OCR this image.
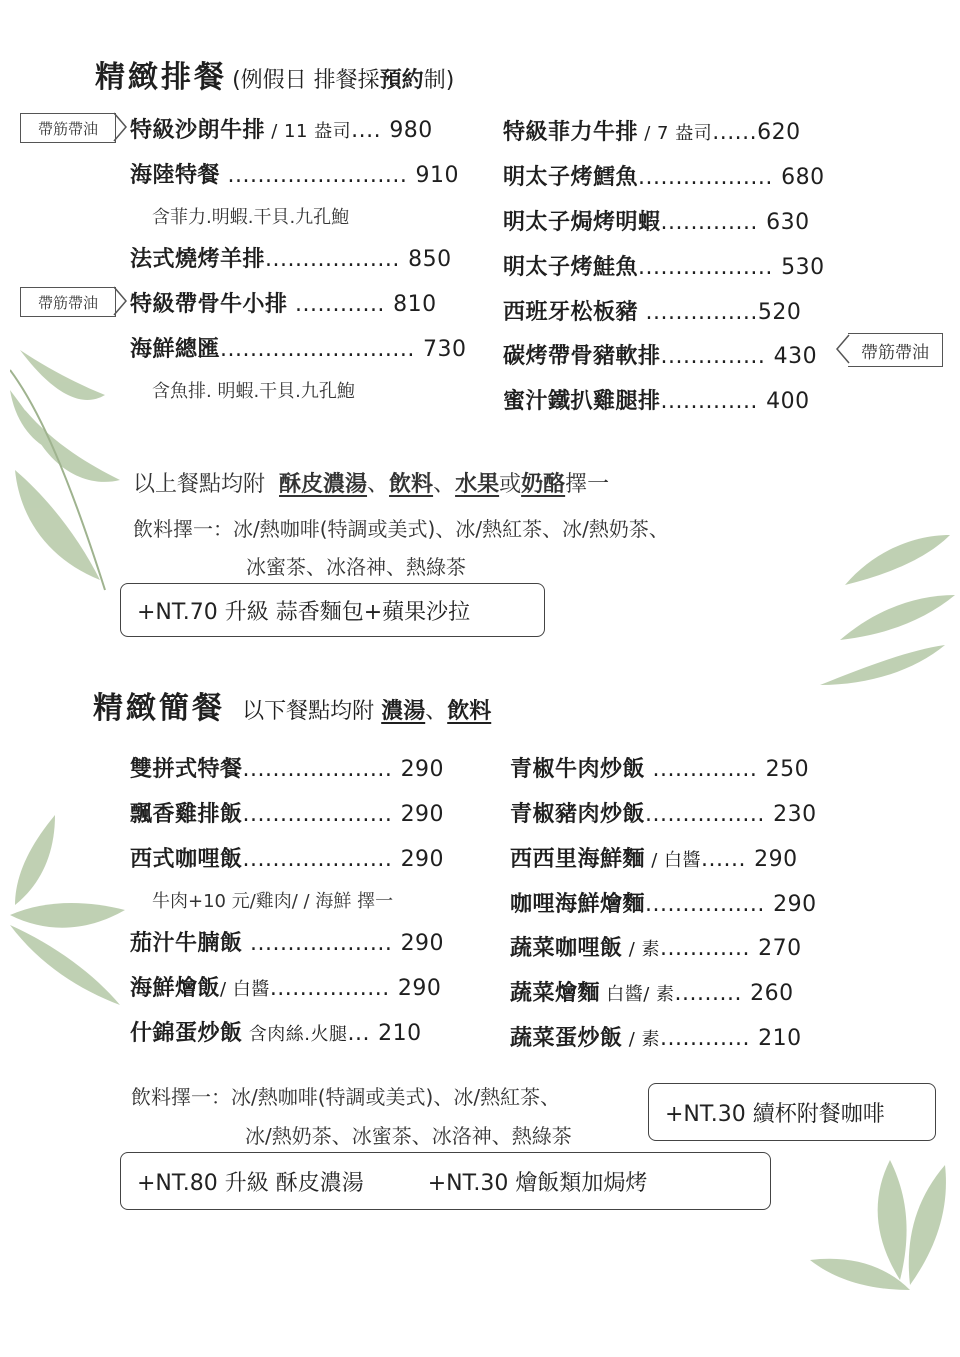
精緻排餐 (例假日 排餐採預約制)
特級沙朗牛排 / 11 盎司.... 980
海陸特餐 ........................ 910
含菲力.明蝦.干貝.九孔鮑
法式燒烤羊排.................. 850
特級帶骨牛小排 ............ 810
海鮮總匯.......................... 730
含魚排. 明蝦.干貝.九孔鮑
帶筋帶油
帶筋帶油
特級菲力牛排 / 7 盎司......620
明太子烤鱈魚.................. 680
明太子焗烤明蝦............. 630
明太子烤鮭魚.................. 530
西班牙松板豬 ...............520
碳烤帶骨豬軟排.............. 430
蜜汁鐵扒雞腿排............. 400
帶筋帶油
以上餐點均附 酥皮濃湯、飲料、水果或奶酪擇一
飲料擇一：冰/熱咖啡(特調或美式)、冰/熱紅茶、冰/熱奶茶、
冰蜜茶、冰洛神、熱綠茶
+NT.70 升級 蒜香麵包+蘋果沙拉
精緻簡餐 以下餐點均附 濃湯、飲料
雙拼式特餐.................... 290
飄香雞排飯.................... 290
西式咖哩飯.................... 290
牛肉+10 元/雞肉/ / 海鮮 擇一
茄汁牛腩飯 ................... 290
海鮮燴飯/ 白醬................ 290
什錦蛋炒飯 含肉絲.火腿... 210
青椒牛肉炒飯 .............. 250
青椒豬肉炒飯................ 230
西西里海鮮麵 / 白醬...... 290
咖哩海鮮燴麵................ 290
蔬菜咖哩飯 / 素............ 270
蔬菜燴麵 白醬/ 素......... 260
蔬菜蛋炒飯 / 素............ 210
飲料擇一：冰/熱咖啡(特調或美式)、冰/熱紅茶、
冰/熱奶茶、冰蜜茶、冰洛神、熱綠茶
+NT.30 續杯附餐咖啡
+NT.80 升級 酥皮濃湯	+NT.30 燴飯類加焗烤
